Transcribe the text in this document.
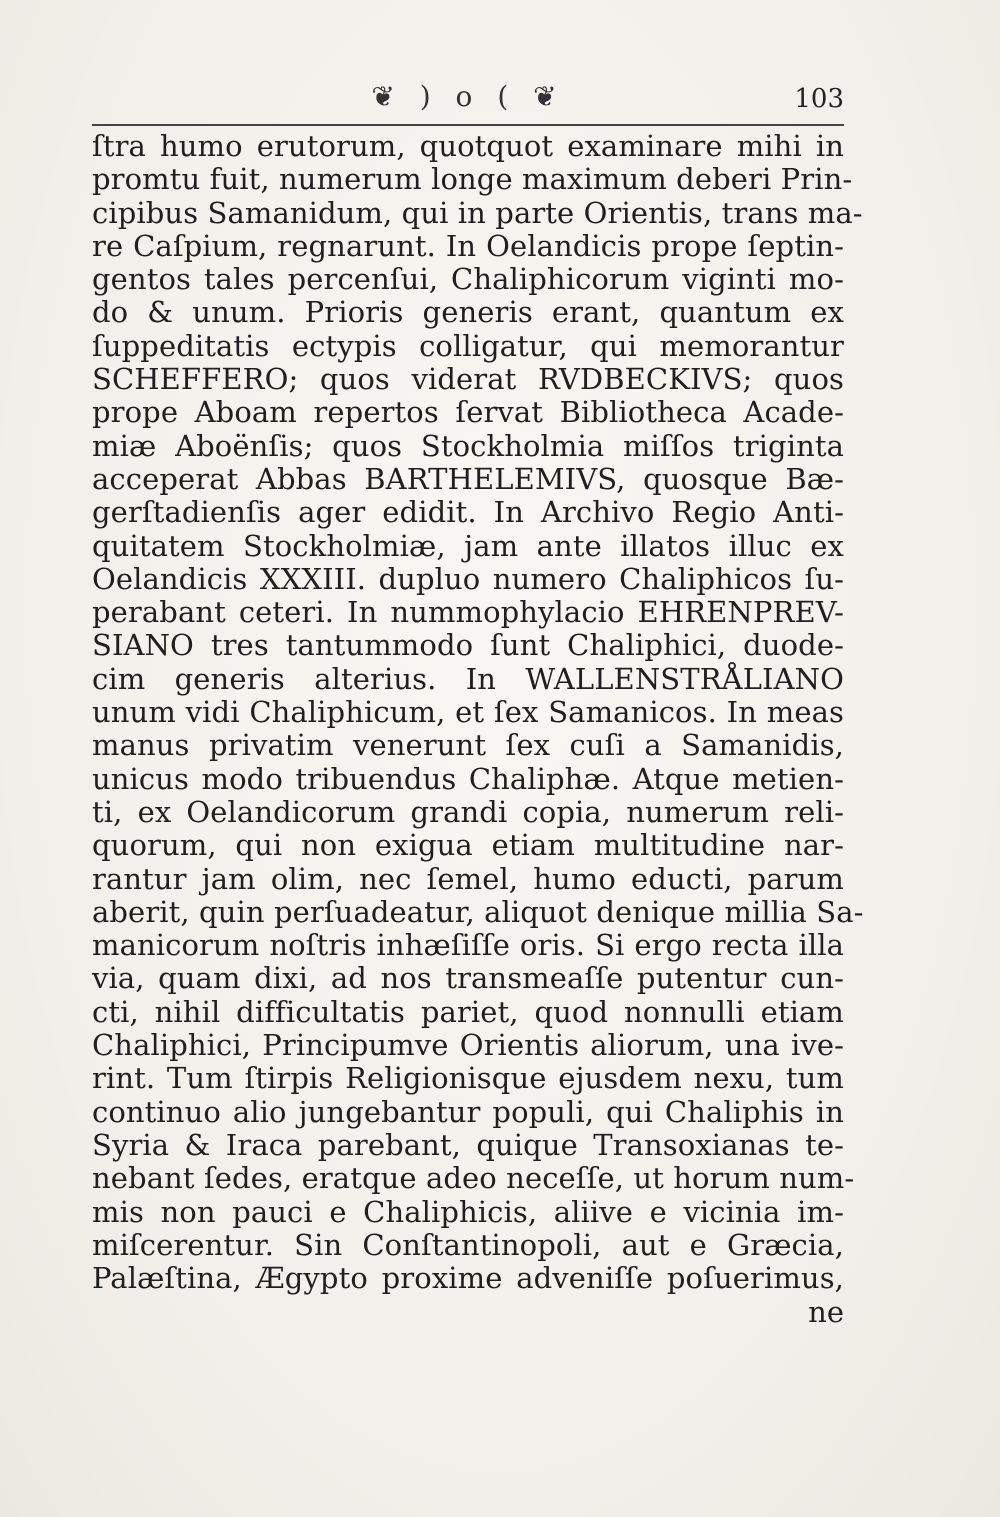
❦ ) o ( ❦	103
ſtra humo erutorum, quotquot examinare mihi in
promtu fuit, numerum longe maximum deberi Prin-
cipibus Samanidum, qui in parte Orientis, trans ma-
re Caſpium, regnarunt. In Oelandicis prope ſeptin-
gentos tales percenſui, Chaliphicorum viginti mo-
do & unum. Prioris generis erant, quantum ex
ſuppeditatis ectypis colligatur, qui memorantur
SCHEFFERO; quos viderat RVDBECKIVS; quos
prope Aboam repertos ſervat Bibliotheca Acade-
miæ Aboënſis; quos Stockholmia miſſos triginta
acceperat Abbas BARTHELEMIVS, quosque Bæ-
gerſtadienſis ager edidit. In Archivo Regio Anti-
quitatem Stockholmiæ, jam ante illatos illuc ex
Oelandicis XXXIII. dupluo numero Chaliphicos ſu-
perabant ceteri. In nummophylacio EHRENPREV-
SIANO tres tantummodo ſunt Chaliphici, duode-
cim generis alterius. In WALLENSTRÅLIANO
unum vidi Chaliphicum, et ſex Samanicos. In meas
manus privatim venerunt ſex cuſi a Samanidis,
unicus modo tribuendus Chaliphæ. Atque metien-
ti, ex Oelandicorum grandi copia, numerum reli-
quorum, qui non exigua etiam multitudine nar-
rantur jam olim, nec ſemel, humo educti, parum
aberit, quin perſuadeatur, aliquot denique millia Sa-
manicorum noſtris inhæſiſſe oris. Si ergo recta illa
via, quam dixi, ad nos transmeaſſe putentur cun-
cti, nihil difficultatis pariet, quod nonnulli etiam
Chaliphici, Principumve Orientis aliorum, una ive-
rint. Tum ſtirpis Religionisque ejusdem nexu, tum
continuo alio jungebantur populi, qui Chaliphis in
Syria & Iraca parebant, quique Transoxianas te-
nebant ſedes, eratque adeo neceſſe, ut horum num-
mis non pauci e Chaliphicis, aliive e vicinia im-
miſcerentur. Sin Conſtantinopoli, aut e Græcia,
Palæſtina, Ægypto proxime adveniſſe poſuerimus,
ne
